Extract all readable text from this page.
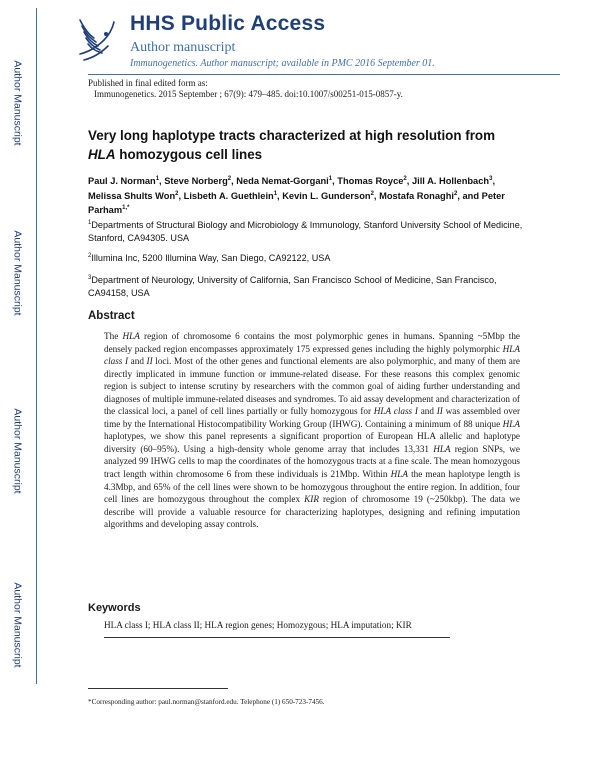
Author Manuscript
Author Manuscript
Author Manuscript
Author Manuscript
HHS Public Access
Author manuscript
Immunogenetics. Author manuscript; available in PMC 2016 September 01.
Published in final edited form as:
Immunogenetics. 2015 September ; 67(9): 479–485. doi:10.1007/s00251-015-0857-y.
Very long haplotype tracts characterized at high resolution from
HLA homozygous cell lines
Paul J. Norman$^1$, Steve Norberg$^2$, Neda Nemat-Gorgani$^1$, Thomas Royce$^2$, Jill A. Hollenbach$^3$, Melissa Shults Won$^2$, Lisbeth A. Guethlein$^1$, Kevin L. Gunderson$^2$, Mostafa Ronaghi$^2$, and Peter Parham$^{1,*}$
$^1$Departments of Structural Biology and Microbiology & Immunology, Stanford University School of Medicine, Stanford, CA94305. USA
$^2$Illumina Inc, 5200 Illumina Way, San Diego, CA92122, USA
$^3$Department of Neurology, University of California, San Francisco School of Medicine, San Francisco, CA94158, USA
Abstract
The HLA region of chromosome 6 contains the most polymorphic genes in humans. Spanning ~5Mbp the densely packed region encompasses approximately 175 expressed genes including the highly polymorphic HLA class I and II loci. Most of the other genes and functional elements are also polymorphic, and many of them are directly implicated in immune function or immune-related disease. For these reasons this complex genomic region is subject to intense scrutiny by researchers with the common goal of aiding further understanding and diagnoses of multiple immune-related diseases and syndromes. To aid assay development and characterization of the classical loci, a panel of cell lines partially or fully homozygous for HLA class I and II was assembled over time by the International Histocompatibility Working Group (IHWG). Containing a minimum of 88 unique HLA haplotypes, we show this panel represents a significant proportion of European HLA allelic and haplotype diversity (60–95%). Using a high-density whole genome array that includes 13,331 HLA region SNPs, we analyzed 99 IHWG cells to map the coordinates of the homozygous tracts at a fine scale. The mean homozygous tract length within chromosome 6 from these individuals is 21Mbp. Within HLA the mean haplotype length is 4.3Mbp, and 65% of the cell lines were shown to be homozygous throughout the entire region. In addition, four cell lines are homozygous throughout the complex KIR region of chromosome 19 (~250kbp). The data we describe will provide a valuable resource for characterizing haplotypes, designing and refining imputation algorithms and developing assay controls.
Keywords
HLA class I; HLA class II; HLA region genes; Homozygous; HLA imputation; KIR
*Corresponding author: paul.norman@stanford.edu. Telephone (1) 650-723-7456.
